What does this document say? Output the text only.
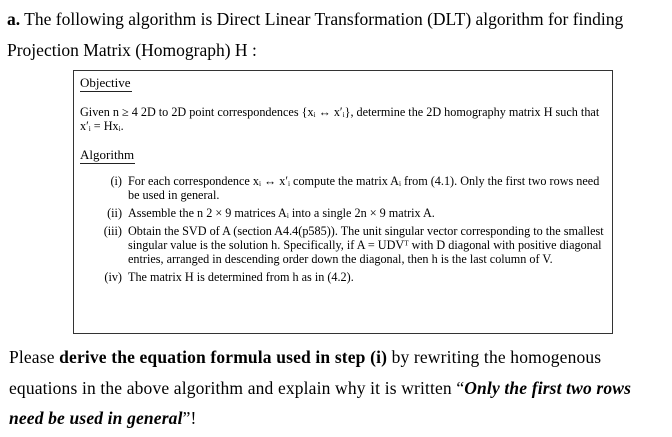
a. The following algorithm is Direct Linear Transformation (DLT) algorithm for finding Projection Matrix (Homograph) H :
Objective
Given n ≥ 4 2D to 2D point correspondences {xᵢ ↔ x′ᵢ}, determine the 2D homography matrix H such that x′ᵢ = Hxᵢ.
Algorithm
(i) For each correspondence xᵢ ↔ x′ᵢ compute the matrix Aᵢ from (4.1). Only the first two rows need be used in general.
(ii) Assemble the n 2 × 9 matrices Aᵢ into a single 2n × 9 matrix A.
(iii) Obtain the SVD of A (section A4.4(p585)). The unit singular vector corresponding to the smallest singular value is the solution h. Specifically, if A = UDVᵀ with D diagonal with positive diagonal entries, arranged in descending order down the diagonal, then h is the last column of V.
(iv) The matrix H is determined from h as in (4.2).
Please derive the equation formula used in step (i) by rewriting the homogenous equations in the above algorithm and explain why it is written “Only the first two rows need be used in general”!
